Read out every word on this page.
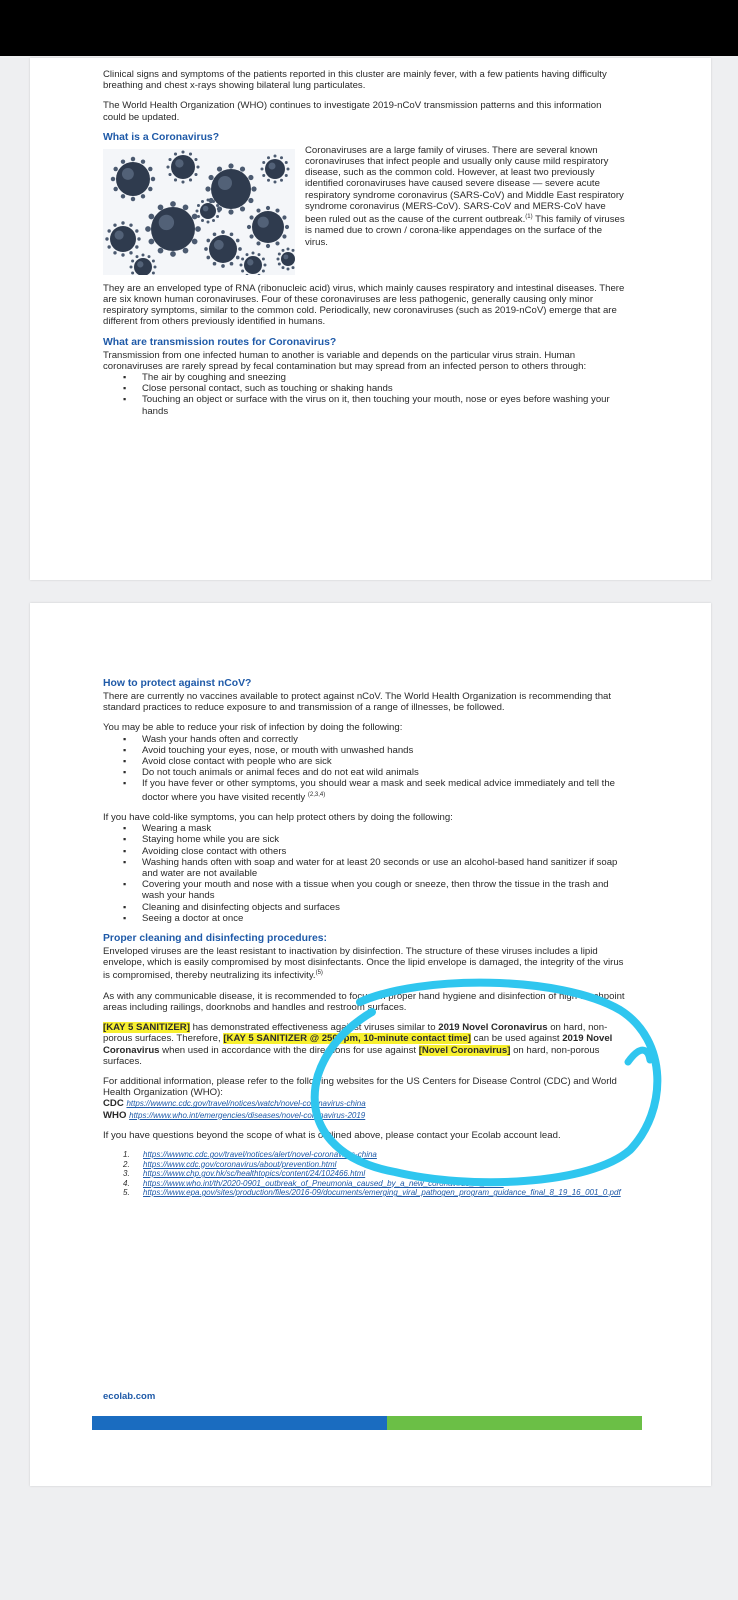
Clinical signs and symptoms of the patients reported in this cluster are mainly fever, with a few patients having difficulty breathing and chest x-rays showing bilateral lung particulates.

The World Health Organization (WHO) continues to investigate 2019-nCoV transmission patterns and this information could be updated.

What is a Coronavirus?
Coronaviruses are a large family of viruses. There are several known coronaviruses that infect people and usually only cause mild respiratory disease, such as the common cold. However, at least two previously identified coronaviruses have caused severe disease — severe acute respiratory syndrome coronavirus (SARS-CoV) and Middle East respiratory syndrome coronavirus (MERS-CoV). SARS-CoV and MERS-CoV have been ruled out as the cause of the current outbreak.$^{(1)}$ This family of viruses is named due to crown / corona-like appendages on the surface of the virus.

They are an enveloped type of RNA (ribonucleic acid) virus, which mainly causes respiratory and intestinal diseases. There are six known human coronaviruses. Four of these coronaviruses are less pathogenic, generally causing only minor respiratory symptoms, similar to the common cold. Periodically, new coronaviruses (such as 2019-nCoV) emerge that are different from others previously identified in humans.

What are transmission routes for Coronavirus?
Transmission from one infected human to another is variable and depends on the particular virus strain. Human coronaviruses are rarely spread by fecal contamination but may spread from an infected person to others through:
▪ The air by coughing and sneezing
▪ Close personal contact, such as touching or shaking hands
▪ Touching an object or surface with the virus on it, then touching your mouth, nose or eyes before washing your hands
How to protect against nCoV?

There are currently no vaccines available to protect against nCoV. The World Health Organization is recommending that standard practices to reduce exposure to and transmission of a range of illnesses, be followed.

You may be able to reduce your risk of infection by doing the following:
▪ Wash your hands often and correctly
▪ Avoid touching your eyes, nose, or mouth with unwashed hands
▪ Avoid close contact with people who are sick
▪ Do not touch animals or animal feces and do not eat wild animals
▪ If you have fever or other symptoms, you should wear a mask and seek medical advice immediately and tell the doctor where you have visited recently $^{(2,3,4)}$
If you have cold-like symptoms, you can help protect others by doing the following:
▪ Wearing a mask
▪ Staying home while you are sick
▪ Avoiding close contact with others
▪ Washing hands often with soap and water for at least 20 seconds or use an alcohol-based hand sanitizer if soap and water are not available
▪ Covering your mouth and nose with a tissue when you cough or sneeze, then throw the tissue in the trash and wash your hands
▪ Cleaning and disinfecting objects and surfaces
▪ Seeing a doctor at once
Proper cleaning and disinfecting procedures:

Enveloped viruses are the least resistant to inactivation by disinfection. The structure of these viruses includes a lipid envelope, which is easily compromised by most disinfectants. Once the lipid envelope is damaged, the integrity of the virus is compromised, thereby neutralizing its infectivity.$^{(5)}$

As with any communicable disease, it is recommended to focus on proper hand hygiene and disinfection of high-touchpoint areas including railings, doorknobs and handles and restroom surfaces.

[KAY 5 SANITIZER] has demonstrated effectiveness against viruses similar to 2019 Novel Coronavirus on hard, non-porous surfaces. Therefore, [KAY 5 SANITIZER @ 250ppm, 10-minute contact time] can be used against 2019 Novel Coronavirus when used in accordance with the directions for use against [Novel Coronavirus] on hard, non-porous surfaces.

For additional information, please refer to the following websites for the US Centers for Disease Control (CDC) and World Health Organization (WHO):
CDC https://wwwnc.cdc.gov/travel/notices/watch/novel-coronavirus-china
WHO https://www.who.int/emergencies/diseases/novel-coronavirus-2019

If you have questions beyond the scope of what is outlined above, please contact your Ecolab account lead.

1. https://wwwnc.cdc.gov/travel/notices/alert/novel-coronavirus-china
2. https://www.cdc.gov/coronavirus/about/prevention.html
3. https://www.chp.gov.hk/sc/healthtopics/content/24/102466.html
4. https://www.who.int/th/2020-0901_outbreak_of_Pneumonia_caused_by_a_new_coronavirus_in_C/en/
5. https://www.epa.gov/sites/production/files/2016-09/documents/emerging_viral_pathogen_program_guidance_final_8_19_16_001_0.pdf
ecolab.com
